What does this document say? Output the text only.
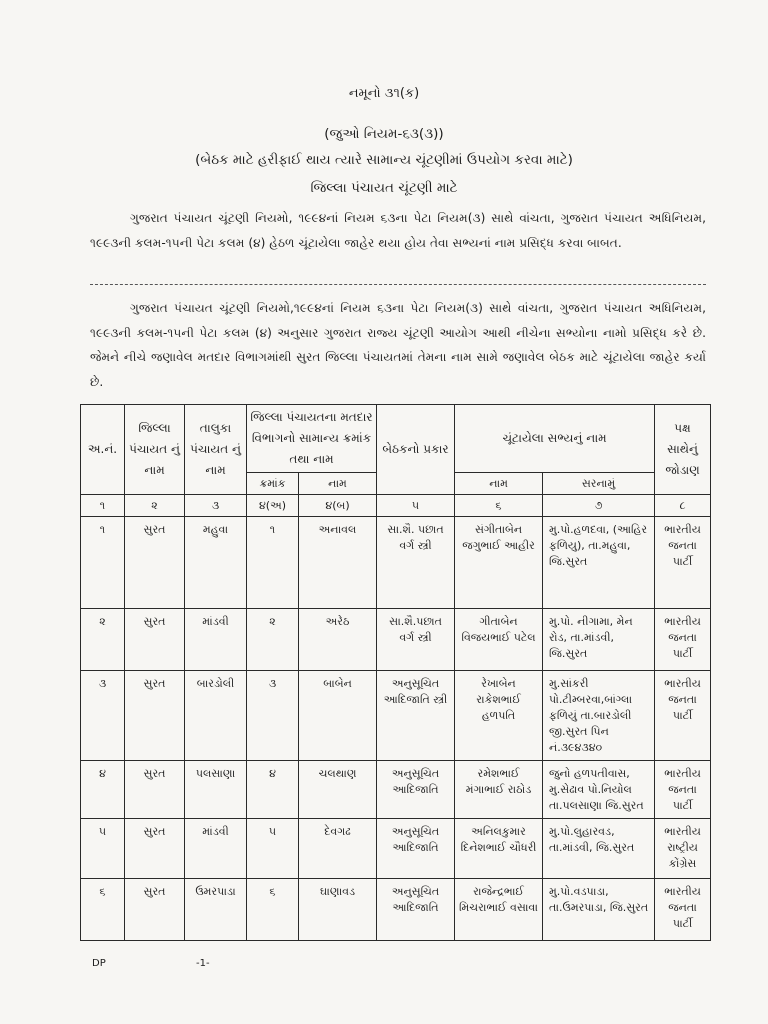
નમૂનો ૩૧(ક)
(જુઓ નિયમ-૬૩(૩))
(બેઠક માટે હરીફાઈ થાય ત્યારે સામાન્ય ચૂંટણીમાં ઉપયોગ કરવા માટે)
જિલ્લા પંચાયત ચૂંટણી માટે
ગુજરાત પંચાયત ચૂંટણી નિયમો, ૧૯૯૪નાં નિયમ ૬૩ના પેટા નિયમ(૩) સાથે વાંચતા, ગુજરાત પંચાયત અધિનિયમ, ૧૯૯૩ની કલમ-૧૫ની પેટા કલમ (૪) હેઠળ ચૂંટાયેલા જાહેર થયા હોય તેવા સભ્યનાં નામ પ્રસિદ્ધ કરવા બાબત.
ગુજરાત પંચાયત ચૂંટણી નિયમો,૧૯૯૪નાં નિયમ ૬૩ના પેટા નિયમ(૩) સાથે વાંચતા, ગુજરાત પંચાયત અધિનિયમ, ૧૯૯૩ની કલમ-૧૫ની પેટા કલમ (૪) અનુસાર ગુજરાત રાજ્ય ચૂંટણી આયોગ આથી નીચેના સભ્યોના નામો પ્રસિદ્ધ કરે છે. જેમને નીચે જણાવેલ મતદાર વિભાગમાંથી સુરત જિલ્લા પંચાયતમાં તેમના નામ સામે જણાવેલ બેઠક માટે ચૂંટાયેલા જાહેર કર્યા છે.
અ.નં.	જિલ્લા પંચાયત નું નામ	તાલુકા પંચાયત નું નામ	જિલ્લા પંચાયતના મતદાર વિભાગનો સામાન્ય ક્રમાંક તથા નામ		બેઠકનો પ્રકાર	ચૂંટાયેલા સભ્યનું નામ		પક્ષ સાથેનું જોડાણ
			ક્રમાંક	નામ		નામ	સરનામું	
૧	૨	૩	૪(અ)	૪(બ)	૫	૬	૭	૮
૧	સુરત	મહુવા	૧	અનાવલ	સા.શૈ. પછાત વર્ગ સ્ત્રી	સંગીતાબેન જગુભાઈ આહીર	મુ.પો.હળદવા, (આહિર ફળિયુ), તા.મહુવા, જિ.સુરત	ભારતીય જનતા પાર્ટી
૨	સુરત	માંડવી	૨	અરેઠ	સા.શૈ.પછાત વર્ગ સ્ત્રી	ગીતાબેન વિજયભાઈ પટેલ	મુ.પો. નીગામા, મેન રોડ, તા.માંડવી, જિ.સુરત	ભારતીય જનતા પાર્ટી
૩	સુરત	બારડોલી	૩	બાબેન	અનુસૂચિત આદિજાતિ સ્ત્રી	રેખાબેન રાકેશભાઈ હળપતિ	મુ.સાંકરી પો.ટીમ્બરવા,બાંગ્લા ફળિયું તા.બારડોલી જી.સુરત પિન નં.૩૯૪૩૪૦	ભારતીય જનતા પાર્ટી
૪	સુરત	પલસાણા	૪	ચલથાણ	અનુસૂચિત આદિજાતિ	રમેશભાઈ મંગાભાઈ રાઠોડ	જુનો હળપતીવાસ, મુ.સેઢાવ પો.નિયોલ તા.પલસાણા જિ.સુરત	ભારતીય જનતા પાર્ટી
૫	સુરત	માંડવી	૫	દેવગઢ	અનુસૂચિત આદિજાતિ	અનિલકુમાર દિનેશભાઈ ચૌધરી	મુ.પો.લુહારવડ, તા.માંડવી, જિ.સુરત	ભારતીય રાષ્ટ્રીય કોંગ્રેસ
૬	સુરત	ઉમરપાડા	૬	ઘાણાવડ	અનુસૂચિત આદિજાતિ	રાજેન્દ્રભાઈ મિચરાભાઈ વસાવા	મુ.પો.વડપાડા, તા.ઉમરપાડા, જિ.સુરત	ભારતીય જનતા પાર્ટી
DP	-1-
